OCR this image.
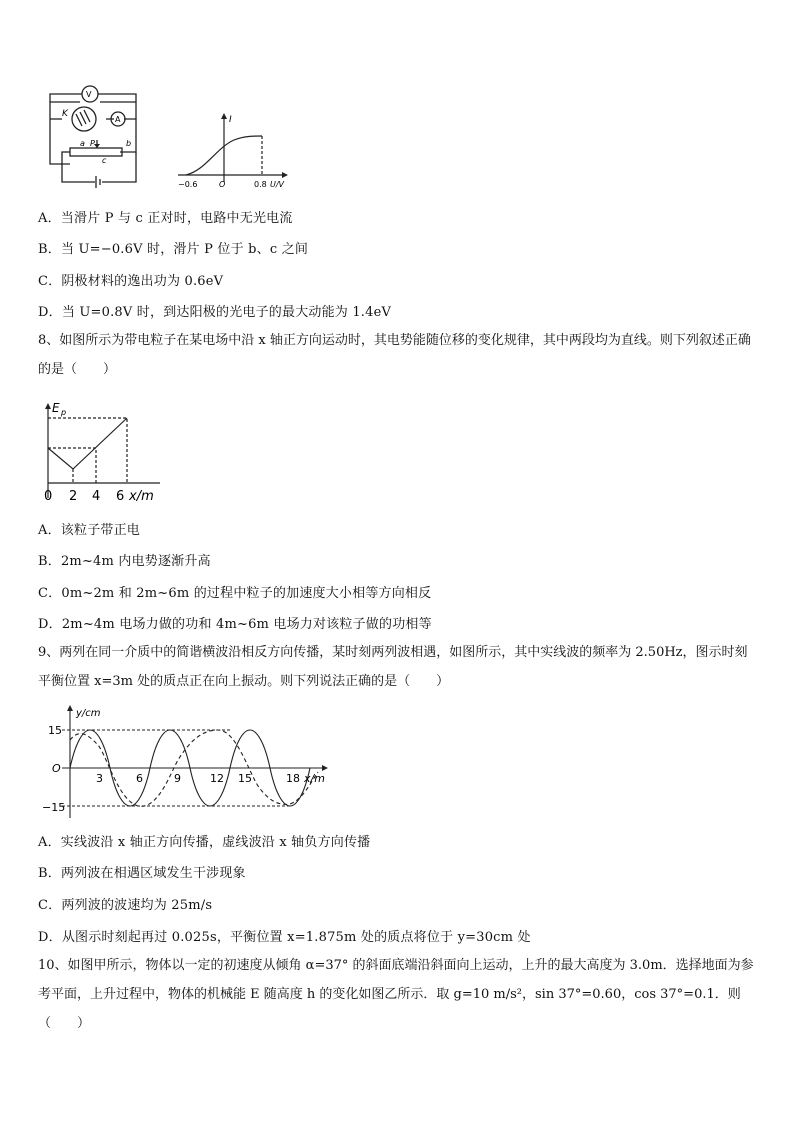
V
A
K
a P	b
c
I
−0.6	O	0.8 U/V
A．当滑片 P 与 c 正对时，电路中无光电流
B．当 U=−0.6V 时，滑片 P 位于 b、c 之间
C．阴极材料的逸出功为 0.6eV
D．当 U=0.8V 时，到达阳极的光电子的最大动能为 1.4eV
8、如图所示为带电粒子在某电场中沿 x 轴正方向运动时，其电势能随位移的变化规律，其中两段均为直线。则下列叙述正确的是（　　）
E p
0 2 4 6 x/m
A．该粒子带正电
B．2m~4m 内电势逐渐升高
C．0m~2m 和 2m~6m 的过程中粒子的加速度大小相等方向相反
D．2m~4m 电场力做的功和 4m~6m 电场力对该粒子做的功相等
9、两列在同一介质中的简谐横波沿相反方向传播，某时刻两列波相遇，如图所示，其中实线波的频率为 2.50Hz，图示时刻平衡位置 x=3m 处的质点正在向上振动。则下列说法正确的是（　　）
y/cm
15
−15
O
3	6	9	12 15	18 x/m
A．实线波沿 x 轴正方向传播，虚线波沿 x 轴负方向传播
B．两列波在相遇区域发生干涉现象
C．两列波的波速均为 25m/s
D．从图示时刻起再过 0.025s，平衡位置 x=1.875m 处的质点将位于 y=30cm 处
10、如图甲所示，物体以一定的初速度从倾角 α=37° 的斜面底端沿斜面向上运动，上升的最大高度为 3.0m．选择地面为参考平面，上升过程中，物体的机械能 E 随高度 h 的变化如图乙所示．取 g=10 m/s²，sin 37°=0.60，cos 37°=0.1．则（　　）
